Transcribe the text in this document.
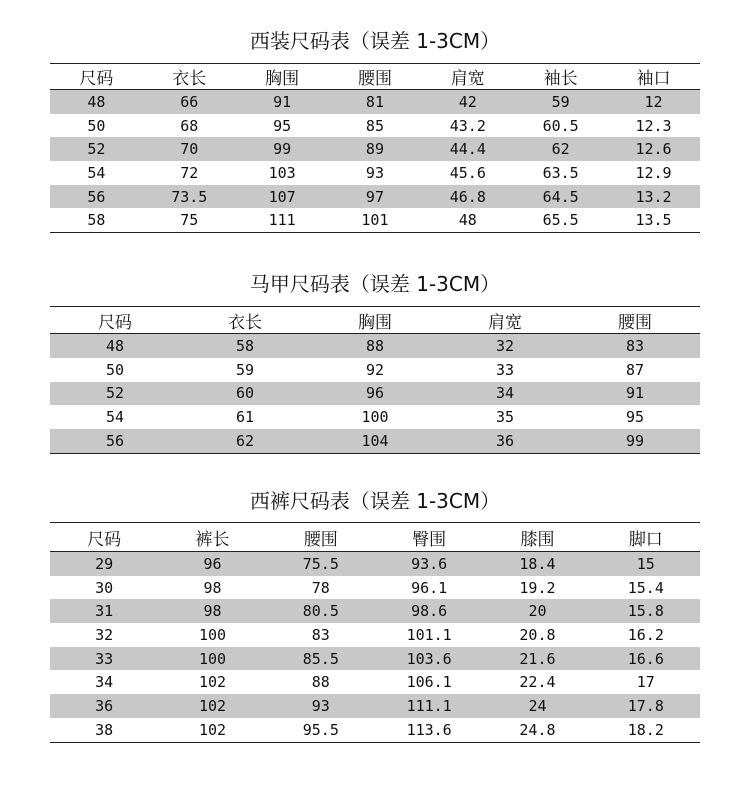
西装尺码表（误差 1-3CM）
尺码	衣长	胸围	腰围	肩宽	袖长	袖口
48	66	91	81	42	59	12
50	68	95	85	43.2	60.5	12.3
52	70	99	89	44.4	62	12.6
54	72	103	93	45.6	63.5	12.9
56	73.5	107	97	46.8	64.5	13.2
58	75	111	101	48	65.5	13.5
马甲尺码表（误差 1-3CM）
尺码	衣长	胸围	肩宽	腰围
48	58	88	32	83
50	59	92	33	87
52	60	96	34	91
54	61	100	35	95
56	62	104	36	99
西裤尺码表（误差 1-3CM）
尺码	裤长	腰围	臀围	膝围	脚口
29	96	75.5	93.6	18.4	15
30	98	78	96.1	19.2	15.4
31	98	80.5	98.6	20	15.8
32	100	83	101.1	20.8	16.2
33	100	85.5	103.6	21.6	16.6
34	102	88	106.1	22.4	17
36	102	93	111.1	24	17.8
38	102	95.5	113.6	24.8	18.2
